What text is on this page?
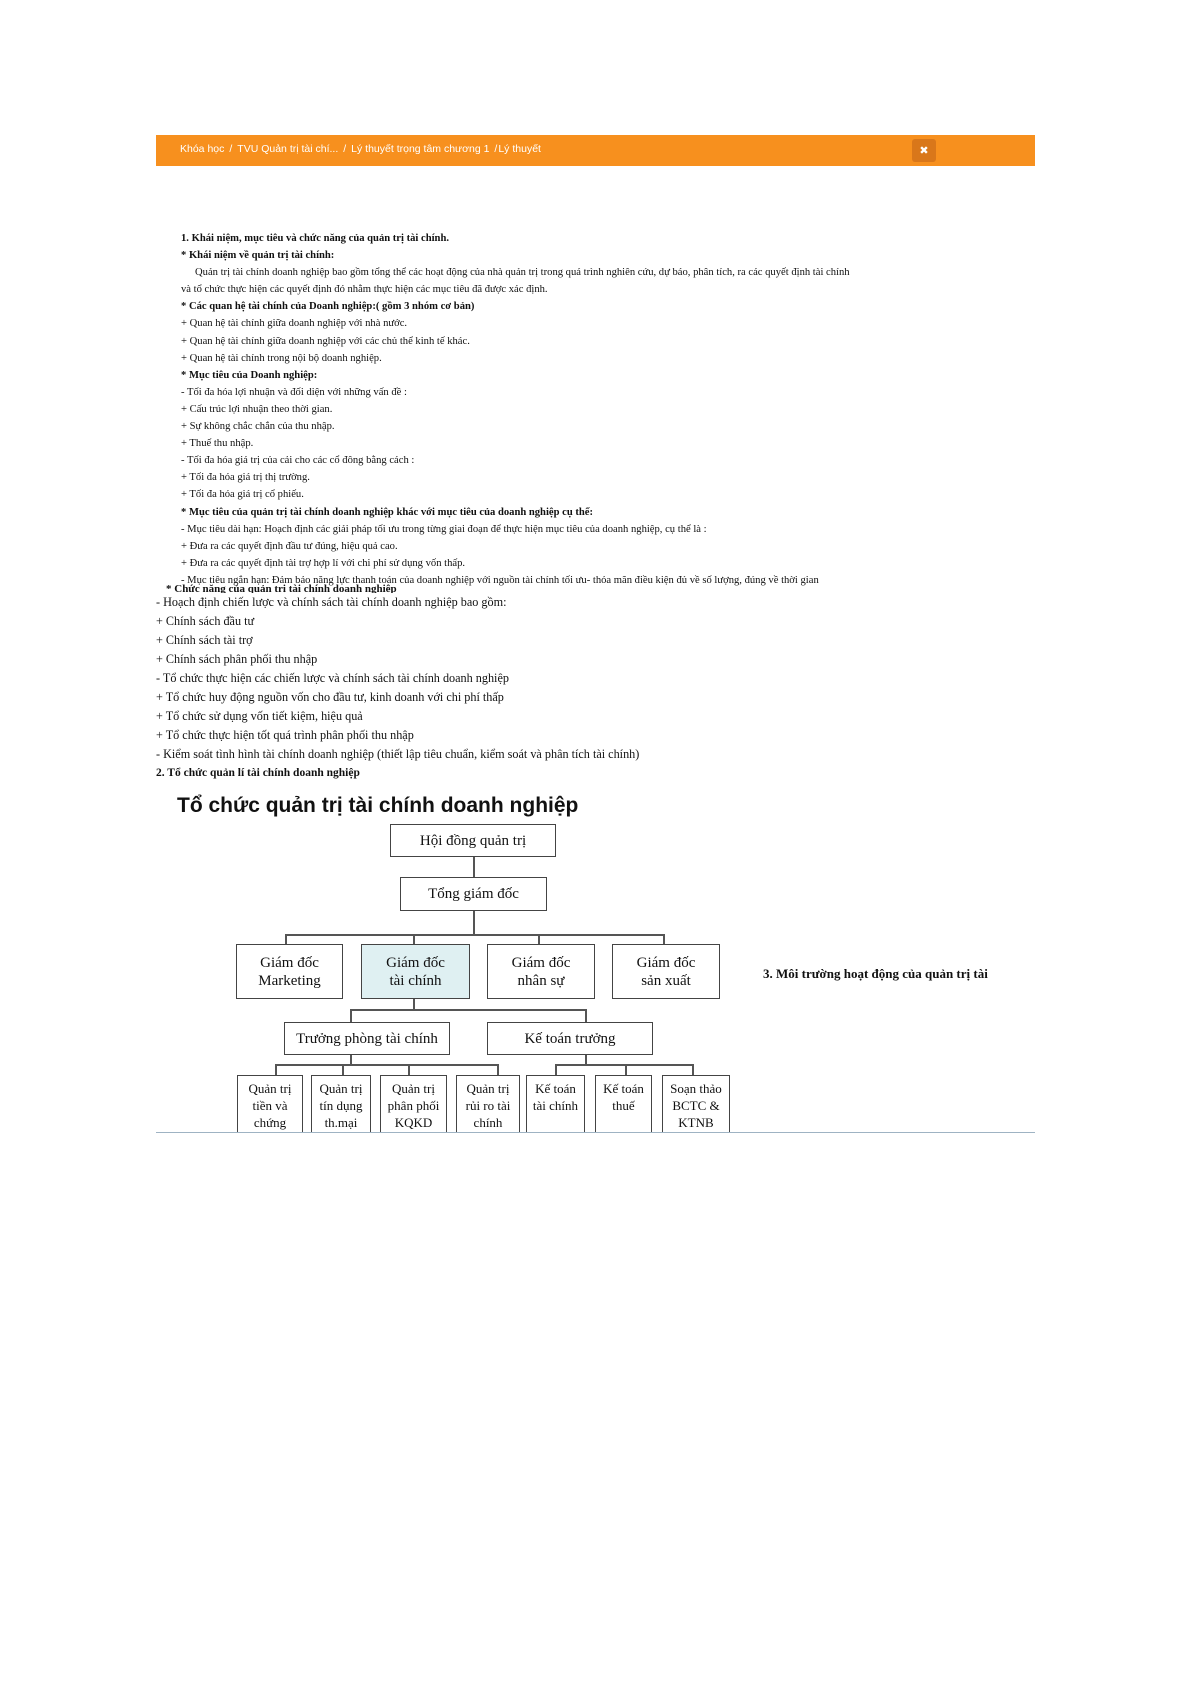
Khóa học / TVU Quản trị tài chí... / Lý thuyết trọng tâm chương 1 /Lý thuyết	✖
1. Khái niệm, mục tiêu và chức năng của quản trị tài chính.
* Khái niệm về quản trị tài chính:
Quản trị tài chính doanh nghiệp bao gồm tổng thể các hoạt động của nhà quản trị trong quá trình nghiên cứu, dự báo, phân tích, ra các quyết định tài chính
và tổ chức thực hiện các quyết định đó nhằm thực hiện các mục tiêu đã được xác định.
* Các quan hệ tài chính của Doanh nghiệp:( gồm 3 nhóm cơ bản)
+ Quan hệ tài chính giữa doanh nghiệp với nhà nước.
+ Quan hệ tài chính giữa doanh nghiệp với các chủ thể kinh tế khác.
+ Quan hệ tài chính trong nội bộ doanh nghiệp.
* Mục tiêu của Doanh nghiệp:
- Tối đa hóa lợi nhuận và đối diện với những vấn đề :
+ Cấu trúc lợi nhuận theo thời gian.
+ Sự không chắc chắn của thu nhập.
+ Thuế thu nhập.
- Tối đa hóa giá trị của cải cho các cổ đông bằng cách :
+ Tối đa hóa giá trị thị trường.
+ Tối đa hóa giá trị cổ phiếu.
* Mục tiêu của quản trị tài chính doanh nghiệp khác với mục tiêu của doanh nghiệp cụ thể:
- Mục tiêu dài hạn: Hoạch định các giải pháp tối ưu trong từng giai đoạn để thực hiện mục tiêu của doanh nghiệp, cụ thể là :
+ Đưa ra các quyết định đầu tư đúng, hiệu quả cao.
+ Đưa ra các quyết định tài trợ hợp lí với chi phí sử dụng vốn thấp.
- Mục tiêu ngắn hạn: Đảm bảo năng lực thanh toán của doanh nghiệp với nguồn tài chính tối ưu- thỏa mãn điều kiện đủ về số lượng, đúng về thời gian
* Chức năng của quản trị tài chính doanh nghiệp
- Hoạch định chiến lược và chính sách tài chính doanh nghiệp bao gồm:
+ Chính sách đầu tư
+ Chính sách tài trợ
+ Chính sách phân phối thu nhập
- Tổ chức thực hiện các chiến lược và chính sách tài chính doanh nghiệp
+ Tổ chức huy động nguồn vốn cho đầu tư, kinh doanh với chi phí thấp
+ Tổ chức sử dụng vốn tiết kiệm, hiệu quả
+ Tổ chức thực hiện tốt quá trình phân phối thu nhập
- Kiểm soát tình hình tài chính doanh nghiệp (thiết lập tiêu chuẩn, kiểm soát và phân tích tài chính)
2. Tổ chức quản lí tài chính doanh nghiệp
Tổ chức quản trị tài chính doanh nghiệp
Hội đồng quản trị
Tổng giám đốc
Giám đốc
Marketing
Giám đốc
tài chính
Giám đốc
nhân sự
Giám đốc
sản xuất
Trưởng phòng tài chính	Kế toán trưởng
Quản trị
tiền và
chứng
Quản trị
tín dụng
th.mại
Quản trị
phân phối
KQKD
Quản trị
rủi ro tài
chính
Kế toán
tài chính
Kế toán
thuế
Soạn thảo
BCTC &
KTNB
3. Môi trường hoạt động của quản trị tài
